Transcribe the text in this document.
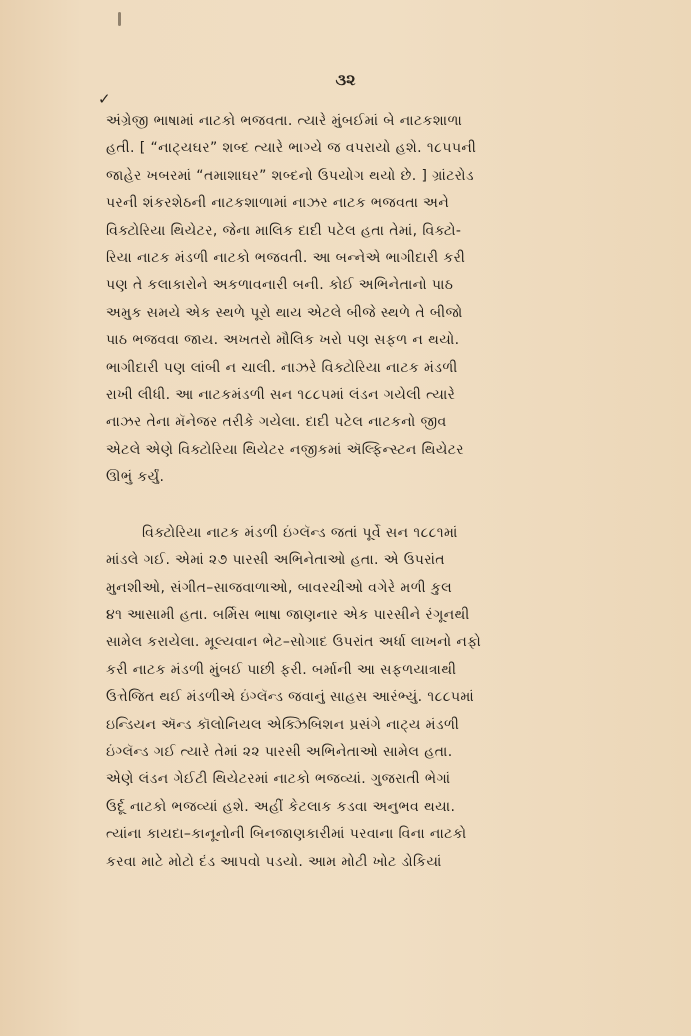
૩૨
✓

અંગ્રેજી ભાષામાં નાટકો ભજવતા. ત્યારે મુંબઈમાં બે નાટકશાળા
હતી. [ “નાટ્યઘર” શબ્દ ત્યારે ભાગ્યે જ વપરાયો હશે. ૧૮૫૫ની
જાહેર ખબરમાં “તમાશાઘર” શબ્દનો ઉપયોગ થયો છે. ] ગ્રાંટરોડ
પરની શંકરશેઠની નાટકશાળામાં નાઝર નાટક ભજવતા અને
વિક્ટોરિયા થિયેટર, જેના માલિક દાદી પટેલ હતા તેમાં, વિક્ટો-
રિયા નાટક મંડળી નાટકો ભજવતી. આ બન્નેએ ભાગીદારી કરી
પણ તે કલાકારોને અકળાવનારી બની. કોઈ અભિનેતાનો પાઠ
અમુક સમયે એક સ્થળે પૂરો થાય એટલે બીજે સ્થળે તે બીજો
પાઠ ભજવવા જાય. અખતરો મૌલિક ખરો પણ સફળ ન થયો.
ભાગીદારી પણ લાંબી ન ચાલી. નાઝરે વિક્ટોરિયા નાટક મંડળી
રાખી લીધી. આ નાટકમંડળી સન ૧૮૮૫માં લંડન ગયેલી ત્યારે
નાઝર તેના મૅનેજર તરીકે ગયેલા. દાદી પટેલ નાટકનો જીવ
એટલે એણે વિક્ટોરિયા થિયેટર નજીકમાં ઍલ્ફિન્સ્ટન થિયેટર
ઊભું કર્યું.

વિક્ટોરિયા નાટક મંડળી ઇંગ્લૅન્ડ જતાં પૂર્વે સન ૧૮૮૧માં
માંડલે ગઈ. એમાં ૨૭ પારસી અભિનેતાઓ હતા. એ ઉપરાંત
મુનશીઓ, સંગીત–સાજવાળાઓ, બાવરચીઓ વગેરે મળી કુલ
૪૧ આસામી હતા. બર્મિસ ભાષા જાણનાર એક પારસીને રંગૂનથી
સામેલ કરાયેલા. મૂલ્યવાન ભેટ–સોગાદ ઉપરાંત અર્ધા લાખનો નફો
કરી નાટક મંડળી મુંબઈ પાછી ફરી. બર્માની આ સફળયાત્રાથી
ઉત્તેજિત થઈ મંડળીએ ઇંગ્લૅન્ડ જવાનું સાહસ આરંભ્યું. ૧૮૮૫માં
ઇન્ડિયન ઍન્ડ કૉલોનિયલ એક્ઝિબિશન પ્રસંગે નાટ્ય મંડળી
ઇંગ્લૅન્ડ ગઈ ત્યારે તેમાં ૨૨ પારસી અભિનેતાઓ સામેલ હતા.
એણે લંડન ગેઈટી થિયેટરમાં નાટકો ભજવ્યાં. ગુજરાતી ભેગાં
ઉર્દૂ નાટકો ભજવ્યાં હશે. અહીં કેટલાક કડવા અનુભવ થયા.
ત્યાંના કાયદા–કાનૂનોની બિનજાણકારીમાં પરવાના વિના નાટકો
કરવા માટે મોટો દંડ આપવો પડયો. આમ મોટી ખોટ ડોકિયાં
